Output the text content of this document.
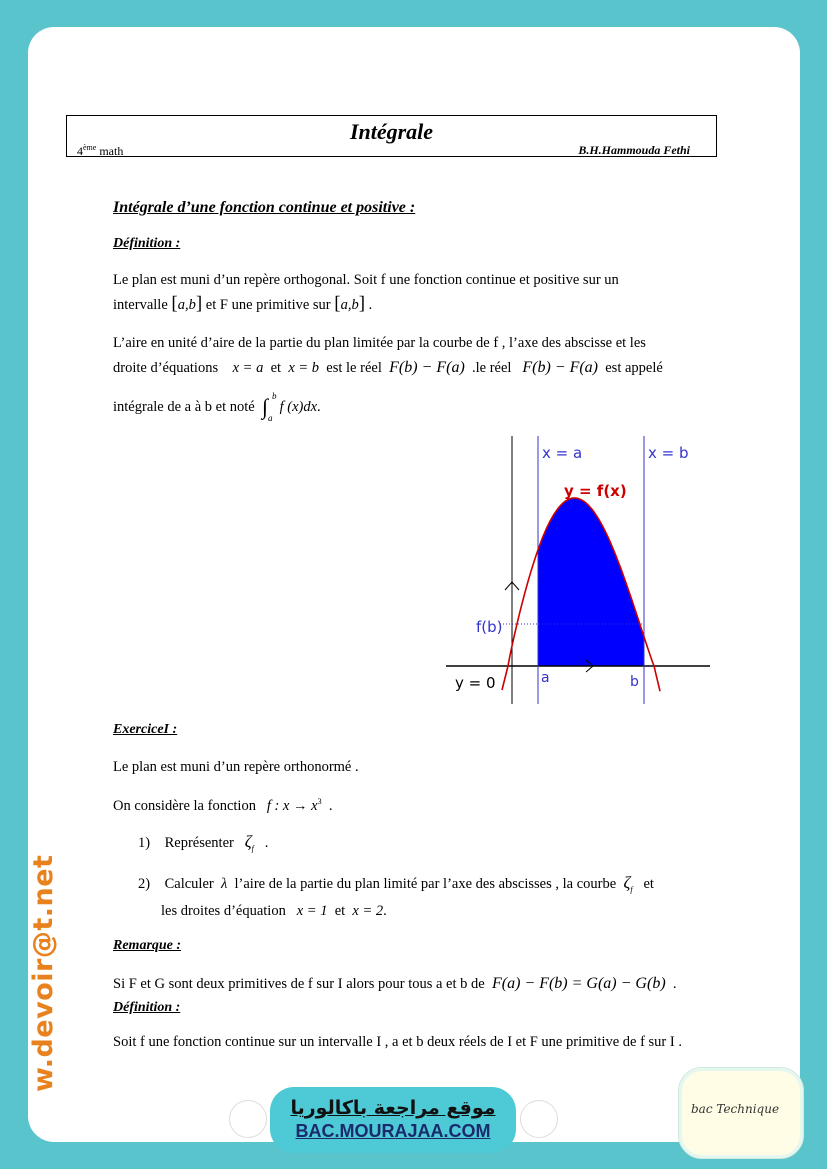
Intégrale
4ème math	B.H.Hammouda Fethi
Intégrale d’une fonction continue et positive :
Définition :
Le plan est muni d’un repère orthogonal. Soit f une fonction continue et positive sur un
intervalle [a,b] et F une primitive sur [a,b] .
L’aire en unité d’aire de la partie du plan limitée par la courbe de f , l’axe des abscisse et les
droite d’équations x = a et x = b est le réel F(b) − F(a) .le réel F(b) − F(a) est appelé
intégrale de a à b et noté ∫ b
a
f (x)dx.
x = a	x = b
y = f(x)
f(b)
y = 0	a	b
ExerciceI :
Le plan est muni d’un repère orthonormé .
On considère la fonction f : $x \to x^3$ .
1) Représenter $\zeta_f$ .
2) Calculer λ l’aire de la partie du plan limité par l’axe des abscisses , la courbe $\zeta_f$ et
les droites d’équation x = 1 et x = 2.
Remarque :
Si F et G sont deux primitives de f sur I alors pour tous a et b de F(a) − F(b) = G(a) − G(b) .
Définition :
Soit f une fonction continue sur un intervalle I , a et b deux réels de I et F une primitive de f sur I .
موقع مراجعة باكالوريا
BAC.MOURAJAA.COM
bac Technique
